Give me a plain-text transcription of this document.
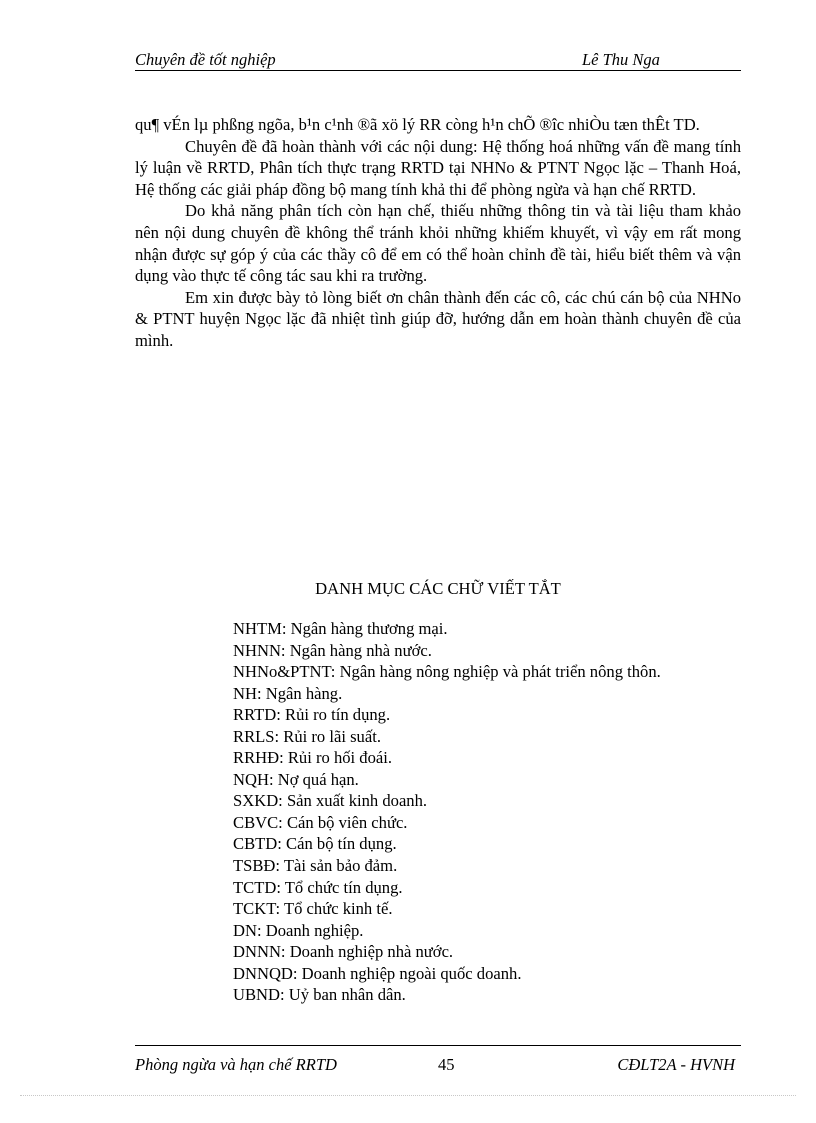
Chuyên đề tốt nghiệp	Lê Thu Nga

qu¶ vÉn lµ phßng ngõa, b¹n c¹nh ®ã xö lý RR còng h¹n chÕ ®îc nhiÒu tæn thÊt TD.

Chuyên đề đã hoàn thành với các nội dung: Hệ thống hoá những vấn đề mang tính lý luận về RRTD, Phân tích thực trạng RRTD tại NHNo & PTNT Ngọc lặc – Thanh Hoá, Hệ thống các giải pháp đồng bộ mang tính khả thi để phòng ngừa và hạn chế RRTD.

Do khả năng phân tích còn hạn chế, thiếu những thông tin và tài liệu tham khảo nên nội dung chuyên đề không thể tránh khỏi những khiếm khuyết, vì vậy em rất mong nhận được sự góp ý của các thầy cô để em có thể hoàn chỉnh đề tài, hiểu biết thêm và vận dụng vào thực tế công tác sau khi ra trường.

Em xin được bày tỏ lòng biết ơn chân thành đến các cô, các chú cán bộ của NHNo & PTNT huyện Ngọc lặc đã nhiệt tình giúp đỡ, hướng dẫn em hoàn thành chuyên đề của mình.

DANH MỤC CÁC CHỮ VIẾT TẮT
NHTM: Ngân hàng thương mại.
NHNN: Ngân hàng nhà nước.
NHNo&PTNT: Ngân hàng nông nghiệp và phát triển nông thôn.
NH: Ngân hàng.
RRTD: Rủi ro tín dụng.
RRLS: Rủi ro lãi suất.
RRHĐ: Rủi ro hối đoái.
NQH: Nợ quá hạn.
SXKD: Sản xuất kinh doanh.
CBVC: Cán bộ viên chức.
CBTD: Cán bộ tín dụng.
TSBĐ: Tài sản bảo đảm.
TCTD: Tổ chức tín dụng.
TCKT: Tổ chức kinh tế.
DN: Doanh nghiệp.
DNNN: Doanh nghiệp nhà nước.
DNNQD: Doanh nghiệp ngoài quốc doanh.
UBND: Uỷ ban nhân dân.
Phòng ngừa và hạn chế RRTD	45	CĐLT2A - HVNH
